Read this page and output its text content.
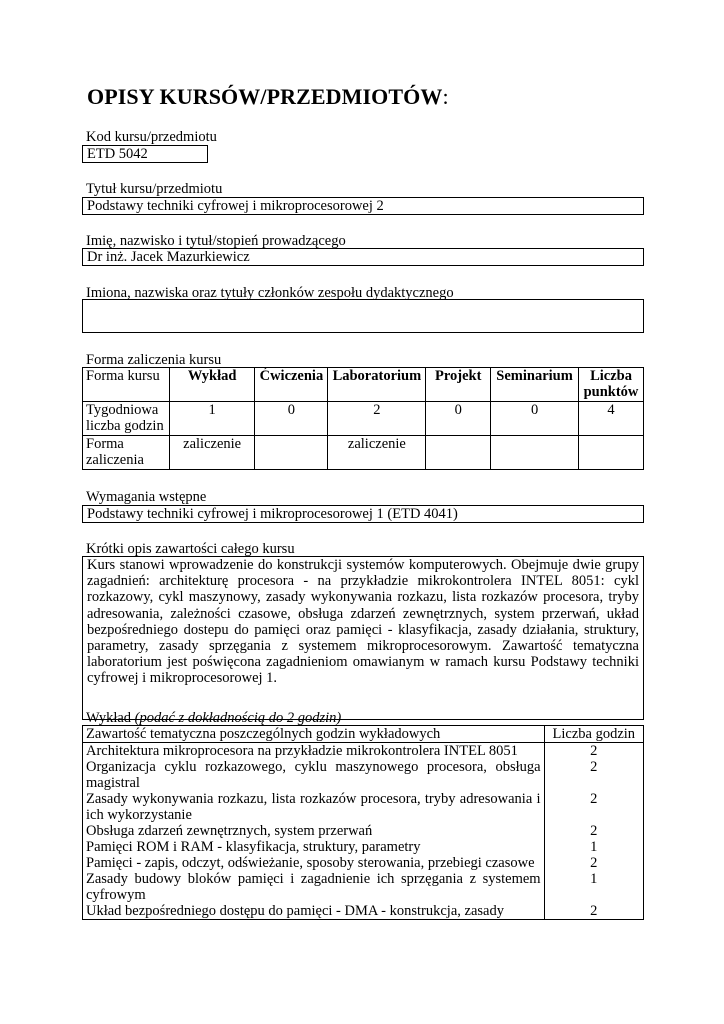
OPISY KURSÓW/PRZEDMIOTÓW:
Kod kursu/przedmiotu
ETD 5042
Tytuł kursu/przedmiotu
Podstawy techniki cyfrowej i mikroprocesorowej 2
Imię, nazwisko i tytuł/stopień prowadzącego
Dr inż. Jacek Mazurkiewicz
Imiona, nazwiska oraz tytuły członków zespołu dydaktycznego
Forma zaliczenia kursu
Forma kursu	Wykład	Ćwiczenia	Laboratorium	Projekt	Seminarium	Liczba punktów
Tygodniowa liczba godzin	1	0	2	0	0	4
Forma zaliczenia	zaliczenie		zaliczenie			
Wymagania wstępne
Podstawy techniki cyfrowej i mikroprocesorowej 1 (ETD 4041)
Krótki opis zawartości całego kursu
Kurs stanowi wprowadzenie do konstrukcji systemów komputerowych. Obejmuje dwie grupy zagadnień: architekturę procesora - na przykładzie mikrokontrolera INTEL 8051: cykl rozkazowy, cykl maszynowy, zasady wykonywania rozkazu, lista rozkazów procesora, tryby adresowania, zależności czasowe, obsługa zdarzeń zewnętrznych, system przerwań, układ bezpośredniego dostepu do pamięci oraz pamięci - klasyfikacja, zasady działania, struktury, parametry, zasady sprzęgania z systemem mikroprocesorowym. Zawartość tematyczna laboratorium jest poświęcona zagadnieniom omawianym w ramach kursu Podstawy techniki cyfrowej i mikroprocesorowej 1.
Wykład (podać z dokładnością do 2 godzin)
Zawartość tematyczna poszczególnych godzin wykładowych	Liczba godzin
Architektura mikroprocesora na przykładzie mikrokontrolera INTEL 8051	2
Organizacja cyklu rozkazowego, cyklu maszynowego procesora, obsługa magistral	2
Zasady wykonywania rozkazu, lista rozkazów procesora, tryby adresowania i ich wykorzystanie	2
Obsługa zdarzeń zewnętrznych, system przerwań	2
Pamięci ROM i RAM - klasyfikacja, struktury, parametry	1
Pamięci - zapis, odczyt, odświeżanie, sposoby sterowania, przebiegi czasowe	2
Zasady budowy bloków pamięci i zagadnienie ich sprzęgania z systemem cyfrowym	1
Układ bezpośredniego dostępu do pamięci - DMA - konstrukcja, zasady	2
